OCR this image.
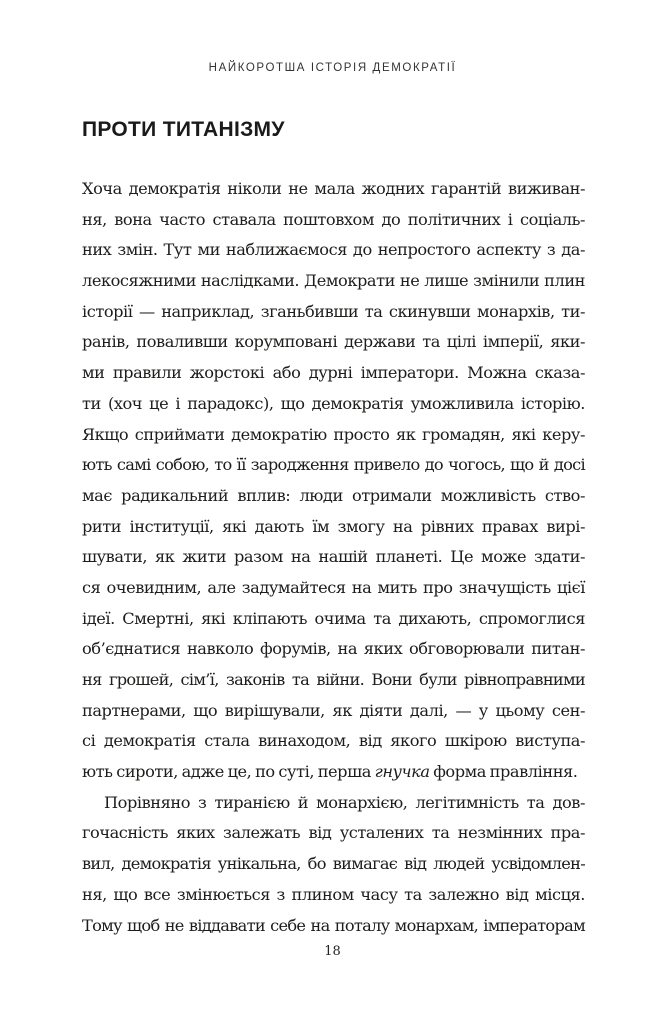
НАЙКОРОТША ІСТОРІЯ ДЕМОКРАТІЇ
ПРОТИ ТИТАНІЗМУ
Хоча демократія ніколи не мала жодних гарантій виживан-
ня, вона часто ставала поштовхом до політичних і соціаль-
них змін. Тут ми наближаємося до непростого аспекту з да-
лекосяжними наслідками. Демократи не лише змінили плин
історії — наприклад, зганьбивши та скинувши монархів, ти-
ранів, поваливши корумповані держави та цілі імперії, яки-
ми правили жорстокі або дурні імператори. Можна сказа-
ти (хоч це і парадокс), що демократія уможливила історію.
Якщо сприймати демократію просто як громадян, які керу-
ють самі собою, то її зародження привело до чогось, що й досі
має радикальний вплив: люди отримали можливість ство-
рити інституції, які дають їм змогу на рівних правах вирі-
шувати, як жити разом на нашій планеті. Це може здати-
ся очевидним, але задумайтеся на мить про значущість цієї
ідеї. Смертні, які кліпають очима та дихають, спромоглися
об’єднатися навколо форумів, на яких обговорювали питан-
ня грошей, сім’ї, законів та війни. Вони були рівноправними
партнерами, що вирішували, як діяти далі, — у цьому сен-
сі демократія стала винаходом, від якого шкірою виступа-
ють сироти, адже це, по суті, перша гнучка форма правління.
Порівняно з тиранією й монархією, легітимність та дов-
гочасність яких залежать від усталених та незмінних пра-
вил, демократія унікальна, бо вимагає від людей усвідомлен-
ня, що все змінюється з плином часу та залежно від місця.
Тому щоб не віддавати себе на поталу монархам, імператорам
18
